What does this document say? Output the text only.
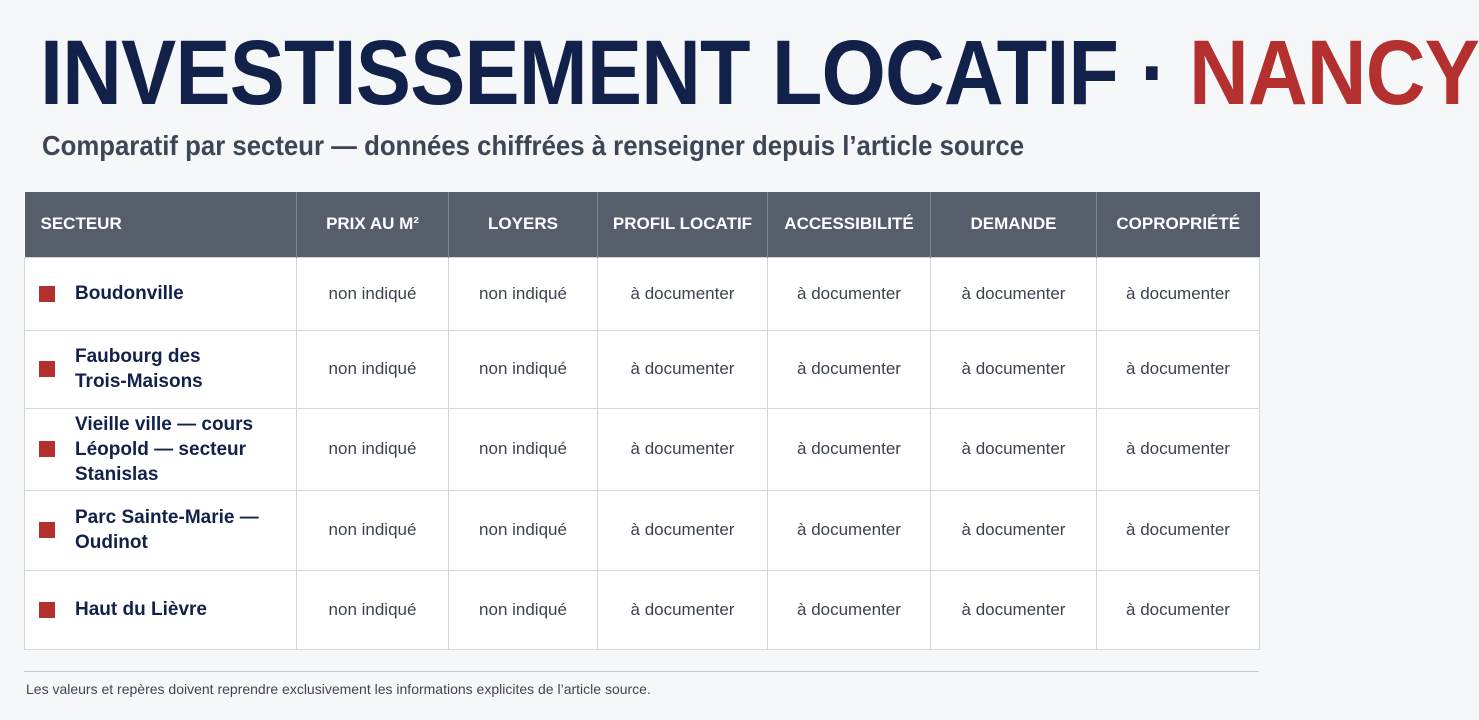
INVESTISSEMENT LOCATIF · NANCY

Comparatif par secteur — données chiffrées à renseigner depuis l’article source

SECTEUR	PRIX AU M²	LOYERS	PROFIL LOCATIF	ACCESSIBILITÉ	DEMANDE	COPROPRIÉTÉ

Boudonville	non indiqué	non indiqué	à documenter	à documenter	à documenter	à documenter

Faubourg des Trois-Maisons	non indiqué	non indiqué	à documenter	à documenter	à documenter	à documenter

Vieille ville — cours Léopold — secteur Stanislas	non indiqué	non indiqué	à documenter	à documenter	à documenter	à documenter

Parc Sainte-Marie — Oudinot	non indiqué	non indiqué	à documenter	à documenter	à documenter	à documenter

Haut du Lièvre	non indiqué	non indiqué	à documenter	à documenter	à documenter	à documenter

Les valeurs et repères doivent reprendre exclusivement les informations explicites de l’article source.
